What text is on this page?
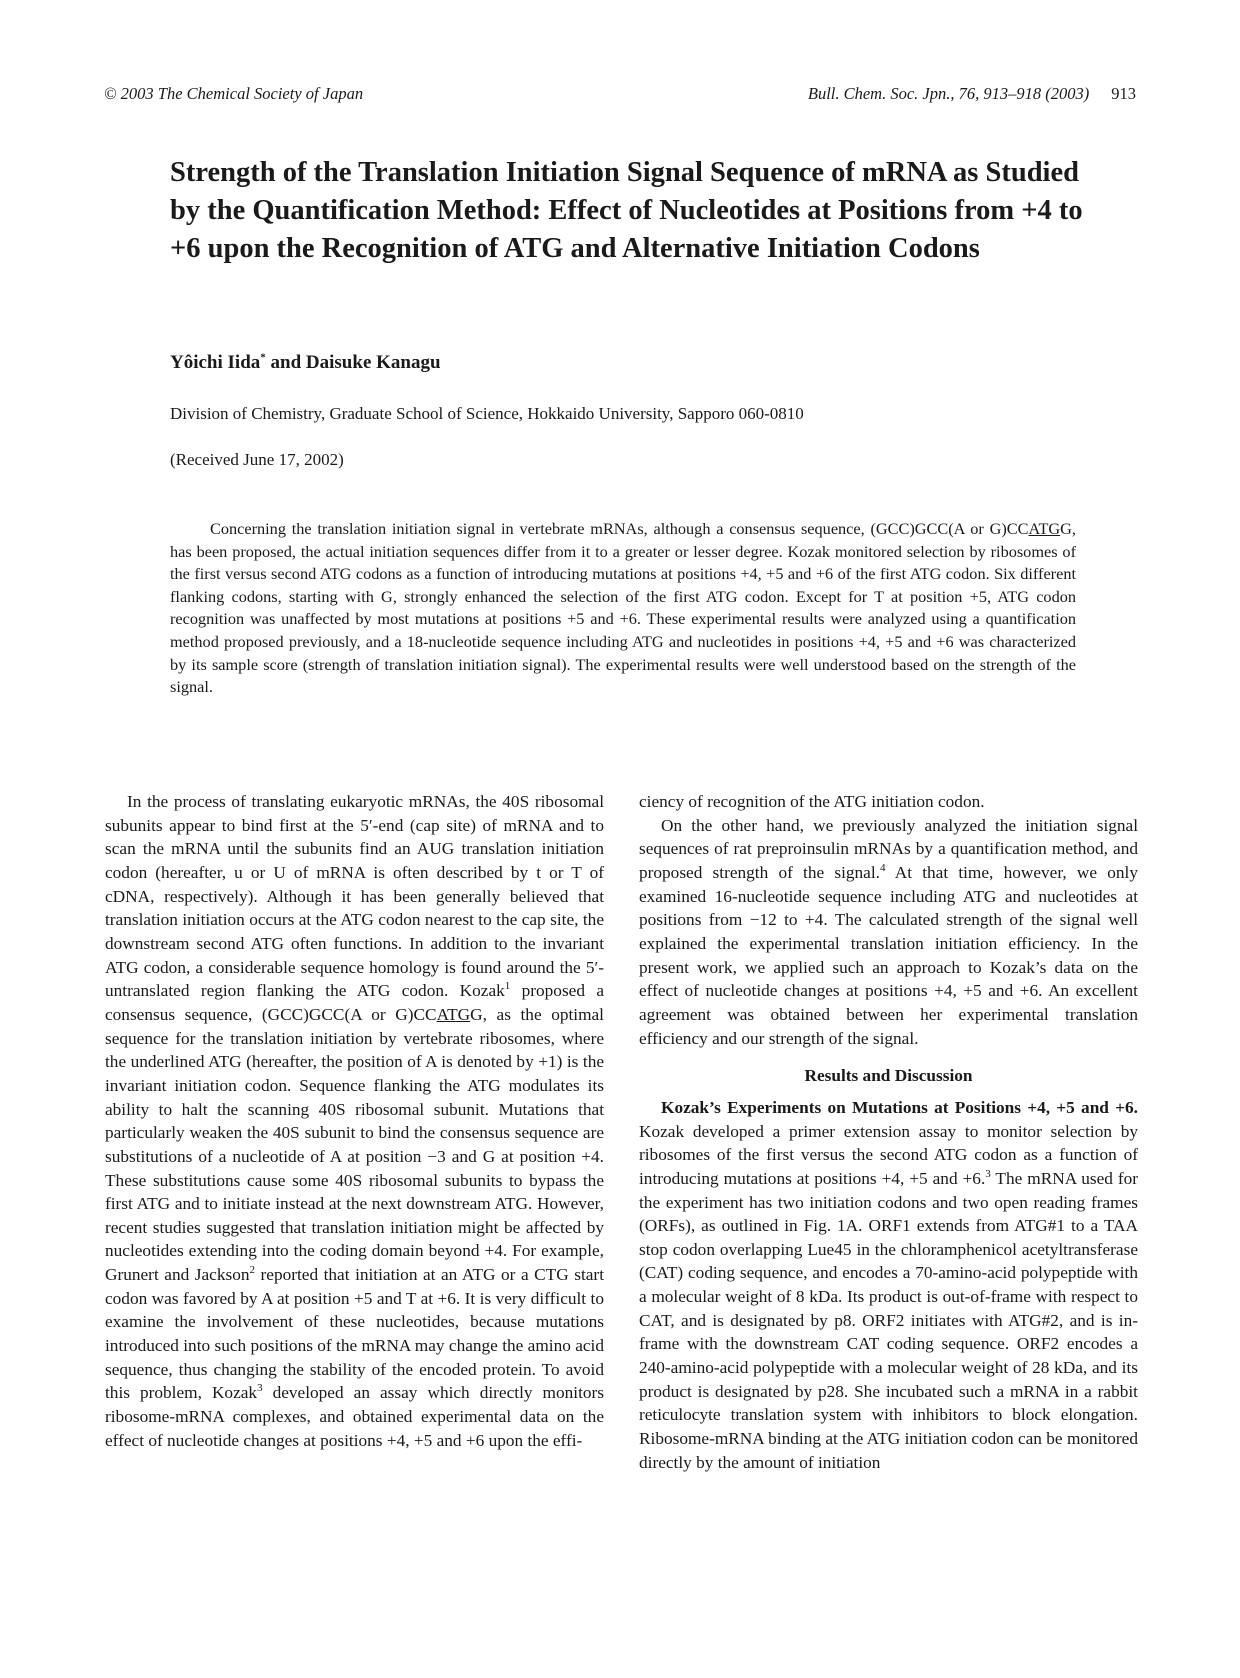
© 2003 The Chemical Society of Japan	Bull. Chem. Soc. Jpn., 76, 913–918 (2003) 913
Strength of the Translation Initiation Signal Sequence of mRNA as Studied by the Quantification Method: Effect of Nucleotides at Positions from +4 to +6 upon the Recognition of ATG and Alternative Initiation Codons
Yôichi Iida* and Daisuke Kanagu
Division of Chemistry, Graduate School of Science, Hokkaido University, Sapporo 060-0810
(Received June 17, 2002)

Concerning the translation initiation signal in vertebrate mRNAs, although a consensus sequence, (GCC)GCC(A or G)CCATGG, has been proposed, the actual initiation sequences differ from it to a greater or lesser degree. Kozak monitored selection by ribosomes of the first versus second ATG codons as a function of introducing mutations at positions +4, +5 and +6 of the first ATG codon. Six different flanking codons, starting with G, strongly enhanced the selection of the first ATG codon. Except for T at position +5, ATG codon recognition was unaffected by most mutations at positions +5 and +6. These experimental results were analyzed using a quantification method proposed previously, and a 18-nucleotide sequence including ATG and nucleotides in positions +4, +5 and +6 was characterized by its sample score (strength of translation initiation signal). The experimental results were well understood based on the strength of the signal.

In the process of translating eukaryotic mRNAs, the 40S ribosomal subunits appear to bind first at the 5′-end (cap site) of mRNA and to scan the mRNA until the subunits find an AUG translation initiation codon (hereafter, u or U of mRNA is often described by t or T of cDNA, respectively). Although it has been generally believed that translation initiation occurs at the ATG codon nearest to the cap site, the downstream second ATG often functions. In addition to the invariant ATG codon, a considerable sequence homology is found around the 5′-untranslated region flanking the ATG codon. Kozak$^1$ proposed a consensus sequence, (GCC)GCC(A or G)CCATGG, as the optimal sequence for the translation initiation by vertebrate ribosomes, where the underlined ATG (hereafter, the position of A is denoted by +1) is the invariant initiation codon. Sequence flanking the ATG modulates its ability to halt the scanning 40S ribosomal subunit. Mutations that particularly weaken the 40S subunit to bind the consensus sequence are substitutions of a nucleotide of A at position −3 and G at position +4. These substitutions cause some 40S ribosomal subunits to bypass the first ATG and to initiate instead at the next downstream ATG. However, recent studies suggested that translation initiation might be affected by nucleotides extending into the coding domain beyond +4. For example, Grunert and Jackson$^2$ reported that initiation at an ATG or a CTG start codon was favored by A at position +5 and T at +6. It is very difficult to examine the involvement of these nucleotides, because mutations introduced into such positions of the mRNA may change the amino acid sequence, thus changing the stability of the encoded protein. To avoid this problem, Kozak$^3$ developed an assay which directly monitors ribosome-mRNA complexes, and obtained experimental data on the effect of nucleotide changes at positions +4, +5 and +6 upon the effi-

ciency of recognition of the ATG initiation codon.

On the other hand, we previously analyzed the initiation signal sequences of rat preproinsulin mRNAs by a quantification method, and proposed strength of the signal.$^4$ At that time, however, we only examined 16-nucleotide sequence including ATG and nucleotides at positions from −12 to +4. The calculated strength of the signal well explained the experimental translation initiation efficiency. In the present work, we applied such an approach to Kozak’s data on the effect of nucleotide changes at positions +4, +5 and +6. An excellent agreement was obtained between her experimental translation efficiency and our strength of the signal.

Results and Discussion

Kozak’s Experiments on Mutations at Positions +4, +5 and +6. Kozak developed a primer extension assay to monitor selection by ribosomes of the first versus the second ATG codon as a function of introducing mutations at positions +4, +5 and +6.$^3$ The mRNA used for the experiment has two initiation codons and two open reading frames (ORFs), as outlined in Fig. 1A. ORF1 extends from ATG#1 to a TAA stop codon overlapping Lue45 in the chloramphenicol acetyltransferase (CAT) coding sequence, and encodes a 70-amino-acid polypeptide with a molecular weight of 8 kDa. Its product is out-of-frame with respect to CAT, and is designated by p8. ORF2 initiates with ATG#2, and is in-frame with the downstream CAT coding sequence. ORF2 encodes a 240-amino-acid polypeptide with a molecular weight of 28 kDa, and its product is designated by p28. She incubated such a mRNA in a rabbit reticulocyte translation system with inhibitors to block elongation. Ribosome-mRNA binding at the ATG initiation codon can be monitored directly by the amount of initiation
